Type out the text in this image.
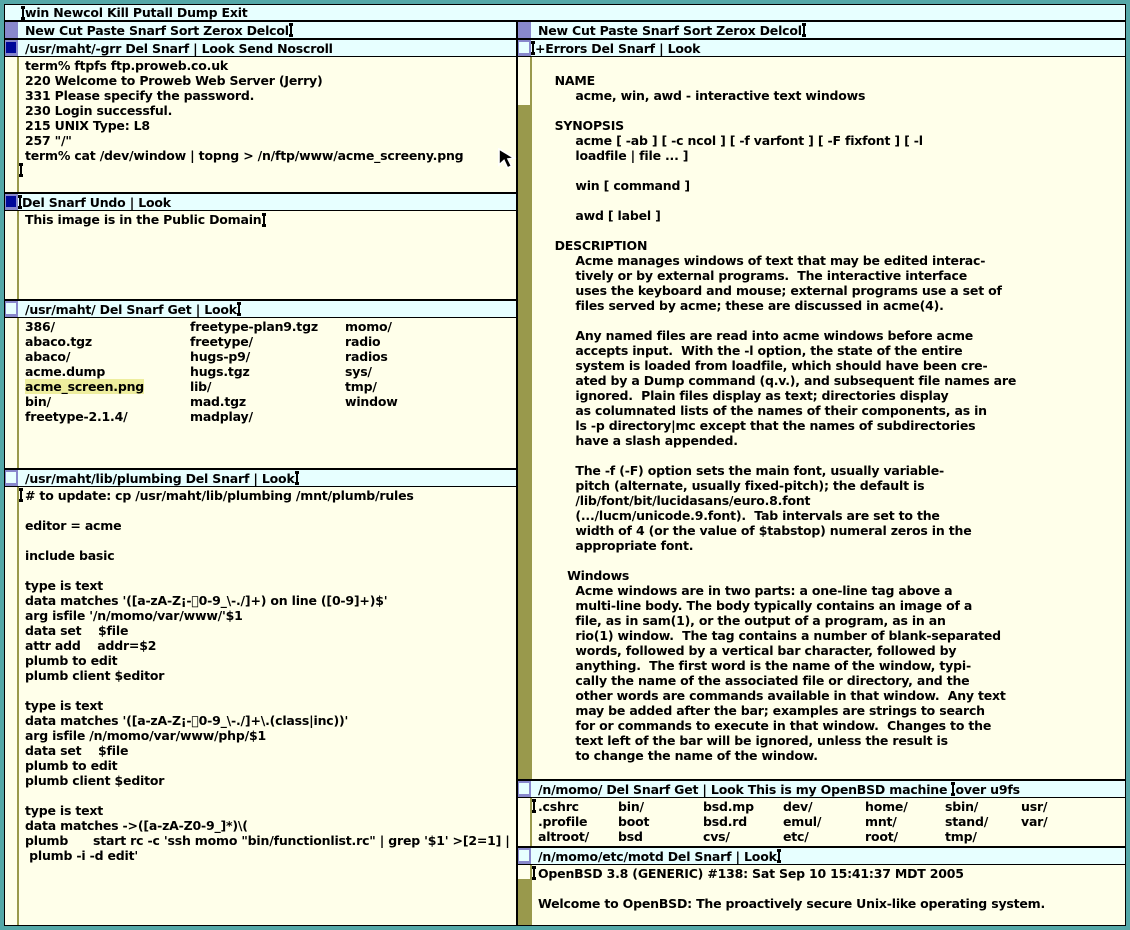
win Newcol Kill Putall Dump Exit
New Cut Paste Snarf Sort Zerox Delcol
/usr/maht/-grr Del Snarf | Look Send Noscroll
term% ftpfs ftp.proweb.co.uk
220 Welcome to Proweb Web Server (Jerry)
331 Please specify the password.
230 Login successful.
215 UNIX Type: L8
257 "/"
term% cat /dev/window | topng > /n/ftp/www/acme_screeny.png
Del Snarf Undo | Look
This image is in the Public Domain
/usr/maht/ Del Snarf Get | Look
386/
abaco.tgz
abaco/
acme.dump
acme_screen.png
bin/
freetype-2.1.4/
freetype-plan9.tgz
freetype/
hugs-p9/
hugs.tgz
lib/
mad.tgz
madplay/
momo/
radio
radios
sys/
tmp/
window
/usr/maht/lib/plumbing Del Snarf | Look
# to update: cp /usr/maht/lib/plumbing /mnt/plumb/rules
editor = acme
include basic
type is text
data matches '([a-zA-Z¡-￿0-9_\-./]+) on line ([0-9]+)$'
arg isfile '/n/momo/var/www/'$1
data set    $file
attr add    addr=$2
plumb to edit
plumb client $editor
type is text
data matches '([a-zA-Z¡-￿0-9_\-./]+\.(class|inc))'
arg isfile /n/momo/var/www/php/$1
data set    $file
plumb to edit
plumb client $editor
type is text
data matches ->([a-zA-Z0-9_]*)\(
plumb      start rc -c 'ssh momo "bin/functionlist.rc" | grep '$1' >[2=1] |
plumb -i -d edit'
New Cut Paste Snarf Sort Zerox Delcol
+Errors Del Snarf | Look
NAME
acme, win, awd - interactive text windows
SYNOPSIS
acme [ -ab ] [ -c ncol ] [ -f varfont ] [ -F fixfont ] [ -l
loadfile | file ... ]
win [ command ]
awd [ label ]
DESCRIPTION
Acme manages windows of text that may be edited interac-
tively or by external programs.  The interactive interface
uses the keyboard and mouse; external programs use a set of
files served by acme; these are discussed in acme(4).
Any named files are read into acme windows before acme
accepts input.  With the -l option, the state of the entire
system is loaded from loadfile, which should have been cre-
ated by a Dump command (q.v.), and subsequent file names are
ignored.  Plain files display as text; directories display
as columnated lists of the names of their components, as in
ls -p directory|mc except that the names of subdirectories
have a slash appended.
The -f (-F) option sets the main font, usually variable-
pitch (alternate, usually fixed-pitch); the default is
/lib/font/bit/lucidasans/euro.8.font
(.../lucm/unicode.9.font).  Tab intervals are set to the
width of 4 (or the value of $tabstop) numeral zeros in the
appropriate font.
Windows
Acme windows are in two parts: a one-line tag above a
multi-line body. The body typically contains an image of a
file, as in sam(1), or the output of a program, as in an
rio(1) window.  The tag contains a number of blank-separated
words, followed by a vertical bar character, followed by
anything.  The first word is the name of the window, typi-
cally the name of the associated file or directory, and the
other words are commands available in that window.  Any text
may be added after the bar; examples are strings to search
for or commands to execute in that window.  Changes to the
text left of the bar will be ignored, unless the result is
to change the name of the window.
/n/momo/ Del Snarf Get | Look This is my OpenBSD machine over u9fs
.cshrc
.profile
altroot/
bin/
boot
bsd
bsd.mp
bsd.rd
cvs/
dev/
emul/
etc/
home/
mnt/
root/
sbin/
stand/
tmp/
usr/
var/
/n/momo/etc/motd Del Snarf | Look
OpenBSD 3.8 (GENERIC) #138: Sat Sep 10 15:41:37 MDT 2005
Welcome to OpenBSD: The proactively secure Unix-like operating system.
